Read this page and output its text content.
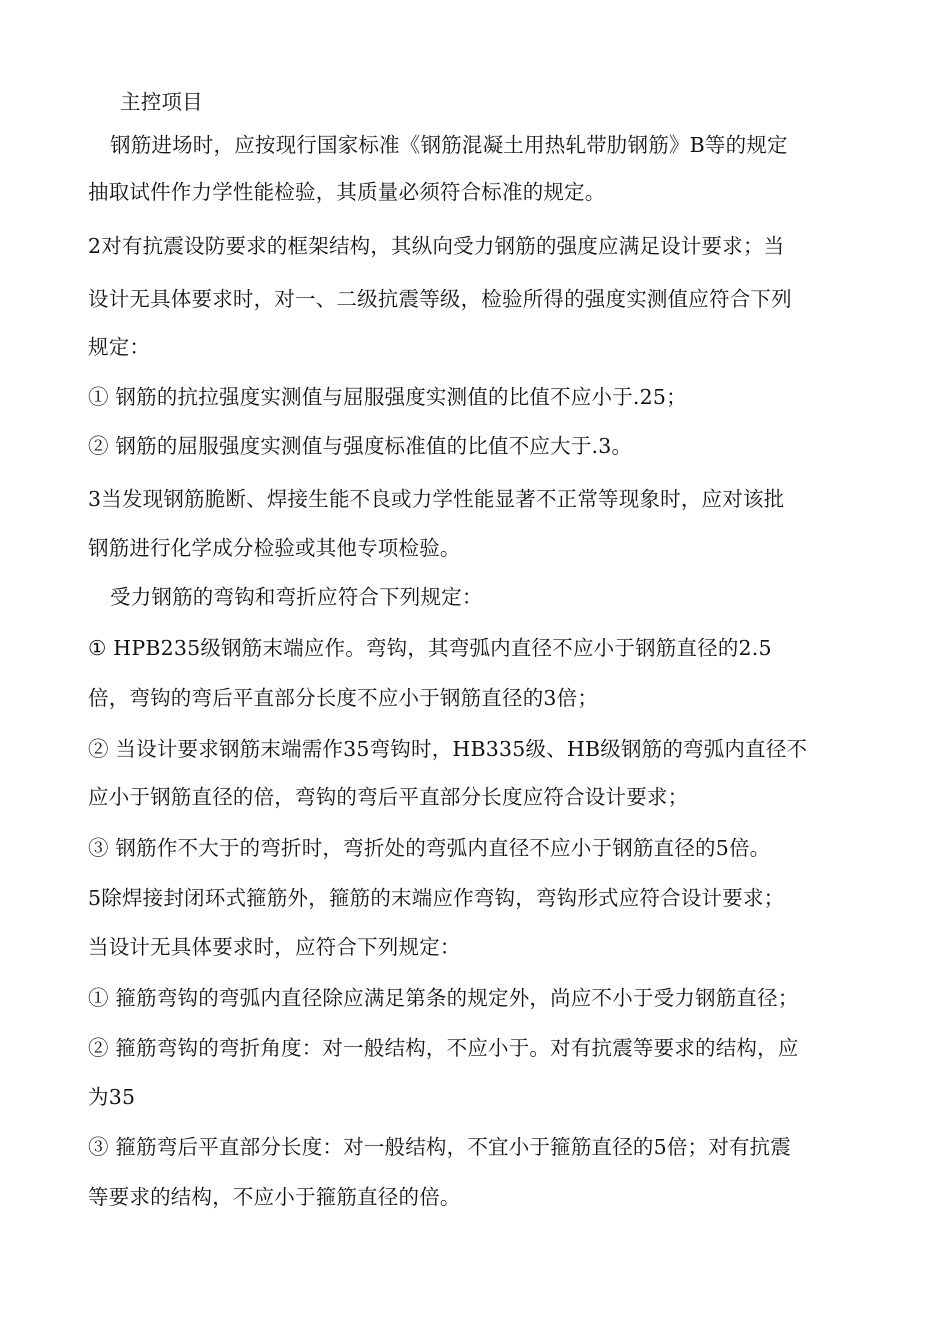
主控项目
钢筋进场时，应按现行国家标准《钢筋混凝土用热轧带肋钢筋》B等的规定
抽取试件作力学性能检验，其质量必须符合标准的规定。
2对有抗震设防要求的框架结构，其纵向受力钢筋的强度应满足设计要求；当
设计无具体要求时，对一、二级抗震等级，检验所得的强度实测值应符合下列
规定：
① 钢筋的抗拉强度实测值与屈服强度实测值的比值不应小于.25；
② 钢筋的屈服强度实测值与强度标准值的比值不应大于.3。
3当发现钢筋脆断、焊接生能不良或力学性能显著不正常等现象时，应对该批
钢筋进行化学成分检验或其他专项检验。
受力钢筋的弯钩和弯折应符合下列规定：
① HPB235级钢筋末端应作。弯钩，其弯弧内直径不应小于钢筋直径的2.5
倍，弯钩的弯后平直部分长度不应小于钢筋直径的3倍；
② 当设计要求钢筋末端需作35弯钩时，HB335级、HB级钢筋的弯弧内直径不
应小于钢筋直径的倍，弯钩的弯后平直部分长度应符合设计要求；
③ 钢筋作不大于的弯折时，弯折处的弯弧内直径不应小于钢筋直径的5倍。
5除焊接封闭环式箍筋外，箍筋的末端应作弯钩，弯钩形式应符合设计要求；
当设计无具体要求时，应符合下列规定：
① 箍筋弯钩的弯弧内直径除应满足第条的规定外，尚应不小于受力钢筋直径；
② 箍筋弯钩的弯折角度：对一般结构，不应小于。对有抗震等要求的结构，应
为35
③ 箍筋弯后平直部分长度：对一般结构，不宜小于箍筋直径的5倍；对有抗震
等要求的结构，不应小于箍筋直径的倍。
